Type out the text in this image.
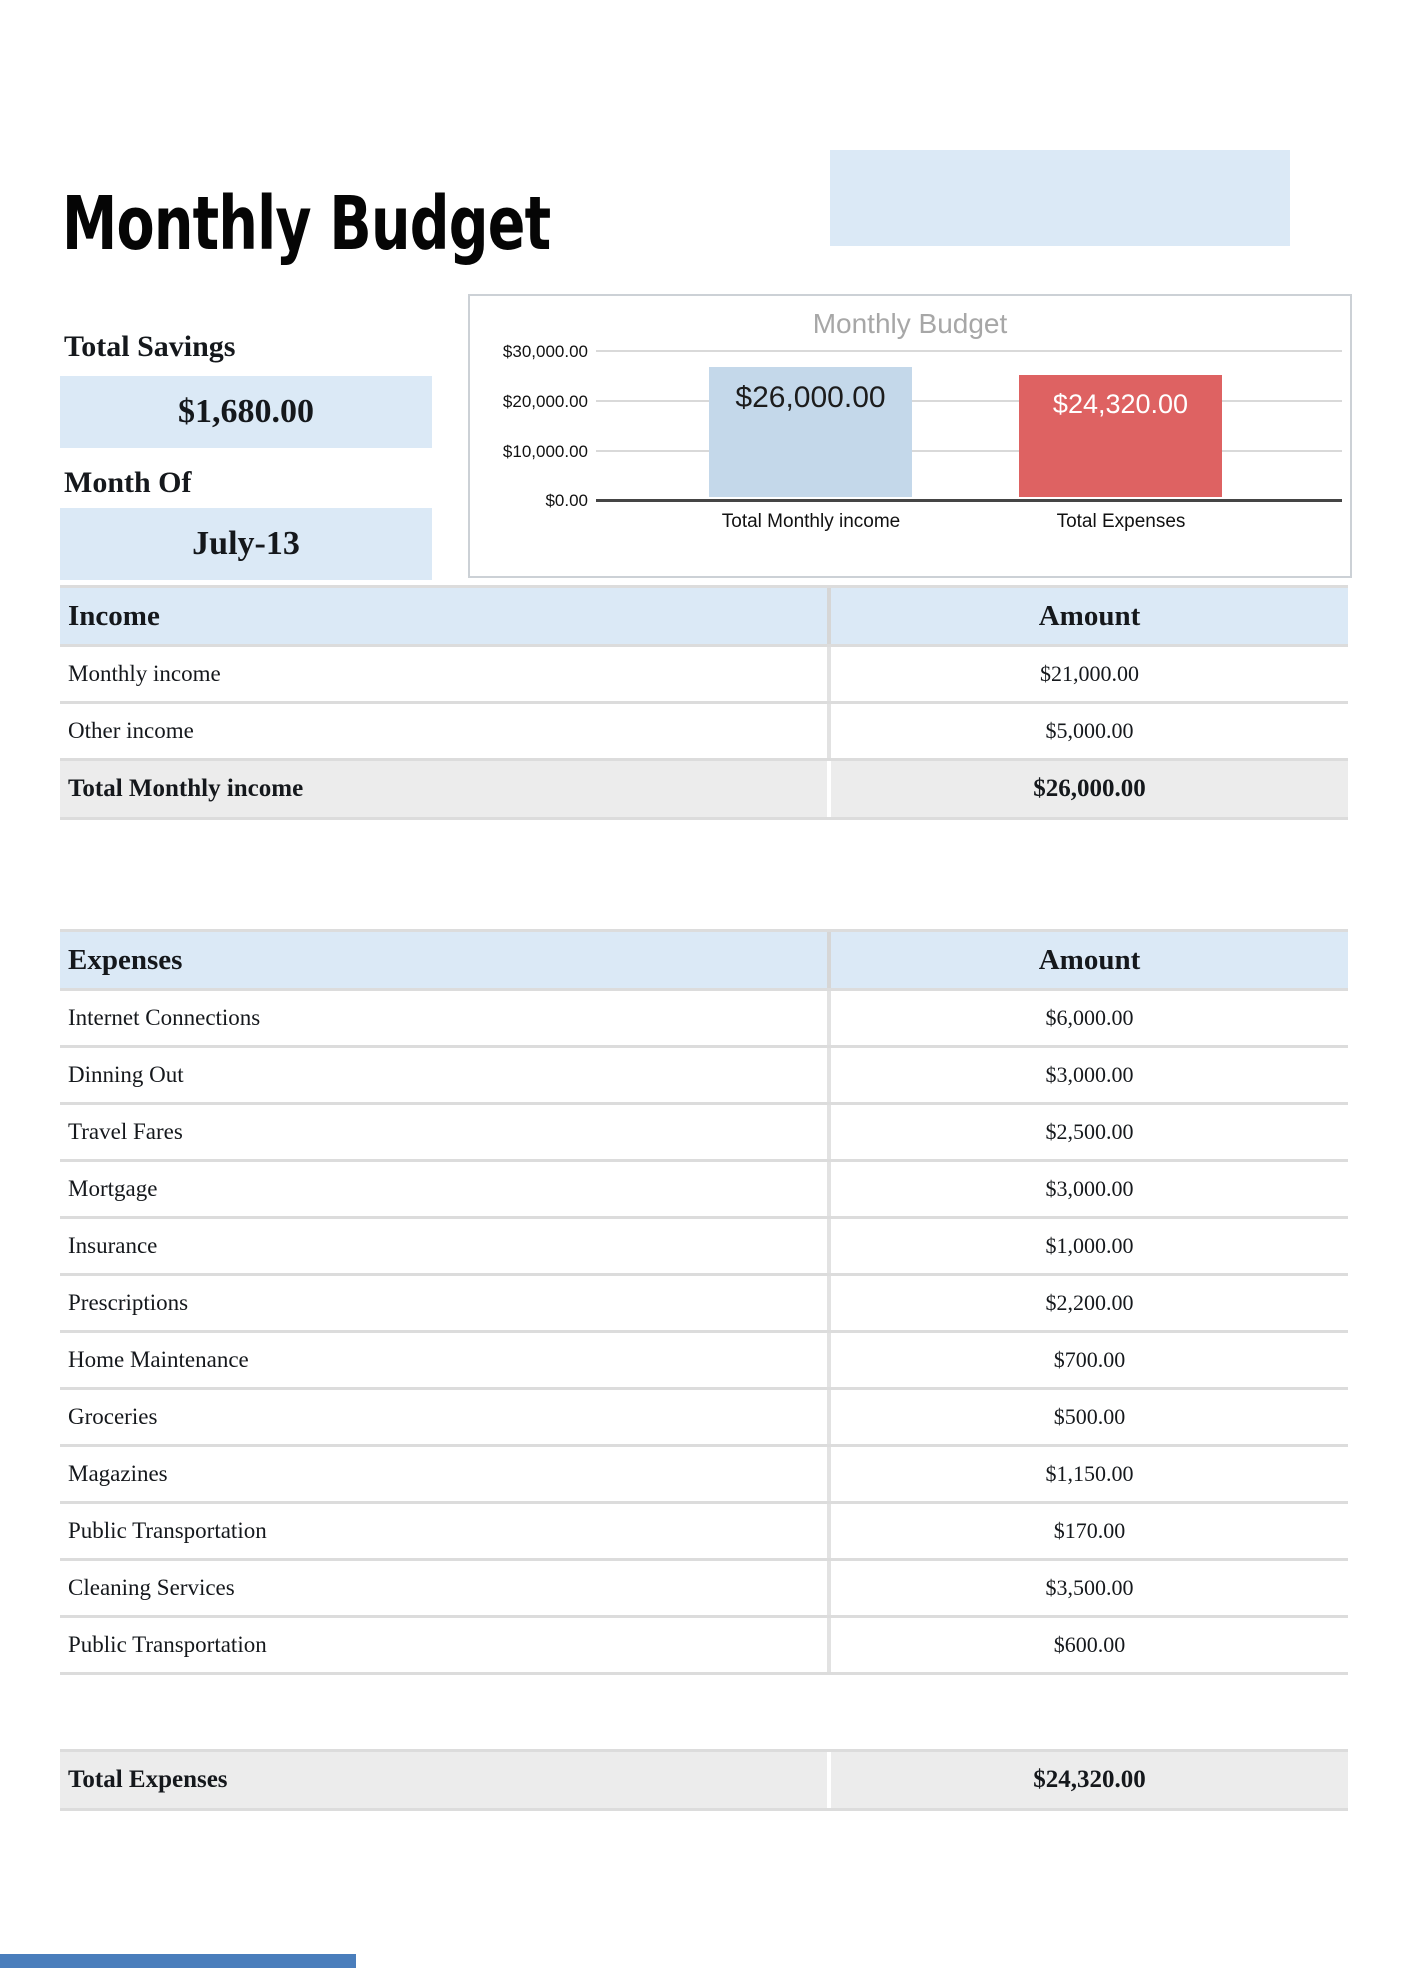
Monthly Budget
Total Savings
$1,680.00
Month Of
July-13
Monthly Budget
$30,000.00
$20,000.00
$10,000.00
$0.00
$26,000.00	$24,320.00
Total Monthly income	Total Expenses
Income	Amount
Monthly income	$21,000.00
Other income	$5,000.00
Total Monthly income	$26,000.00
Expenses	Amount
Internet Connections	$6,000.00
Dinning Out	$3,000.00
Travel Fares	$2,500.00
Mortgage	$3,000.00
Insurance	$1,000.00
Prescriptions	$2,200.00
Home Maintenance	$700.00
Groceries	$500.00
Magazines	$1,150.00
Public Transportation	$170.00
Cleaning Services	$3,500.00
Public Transportation	$600.00
Total Expenses	$24,320.00
